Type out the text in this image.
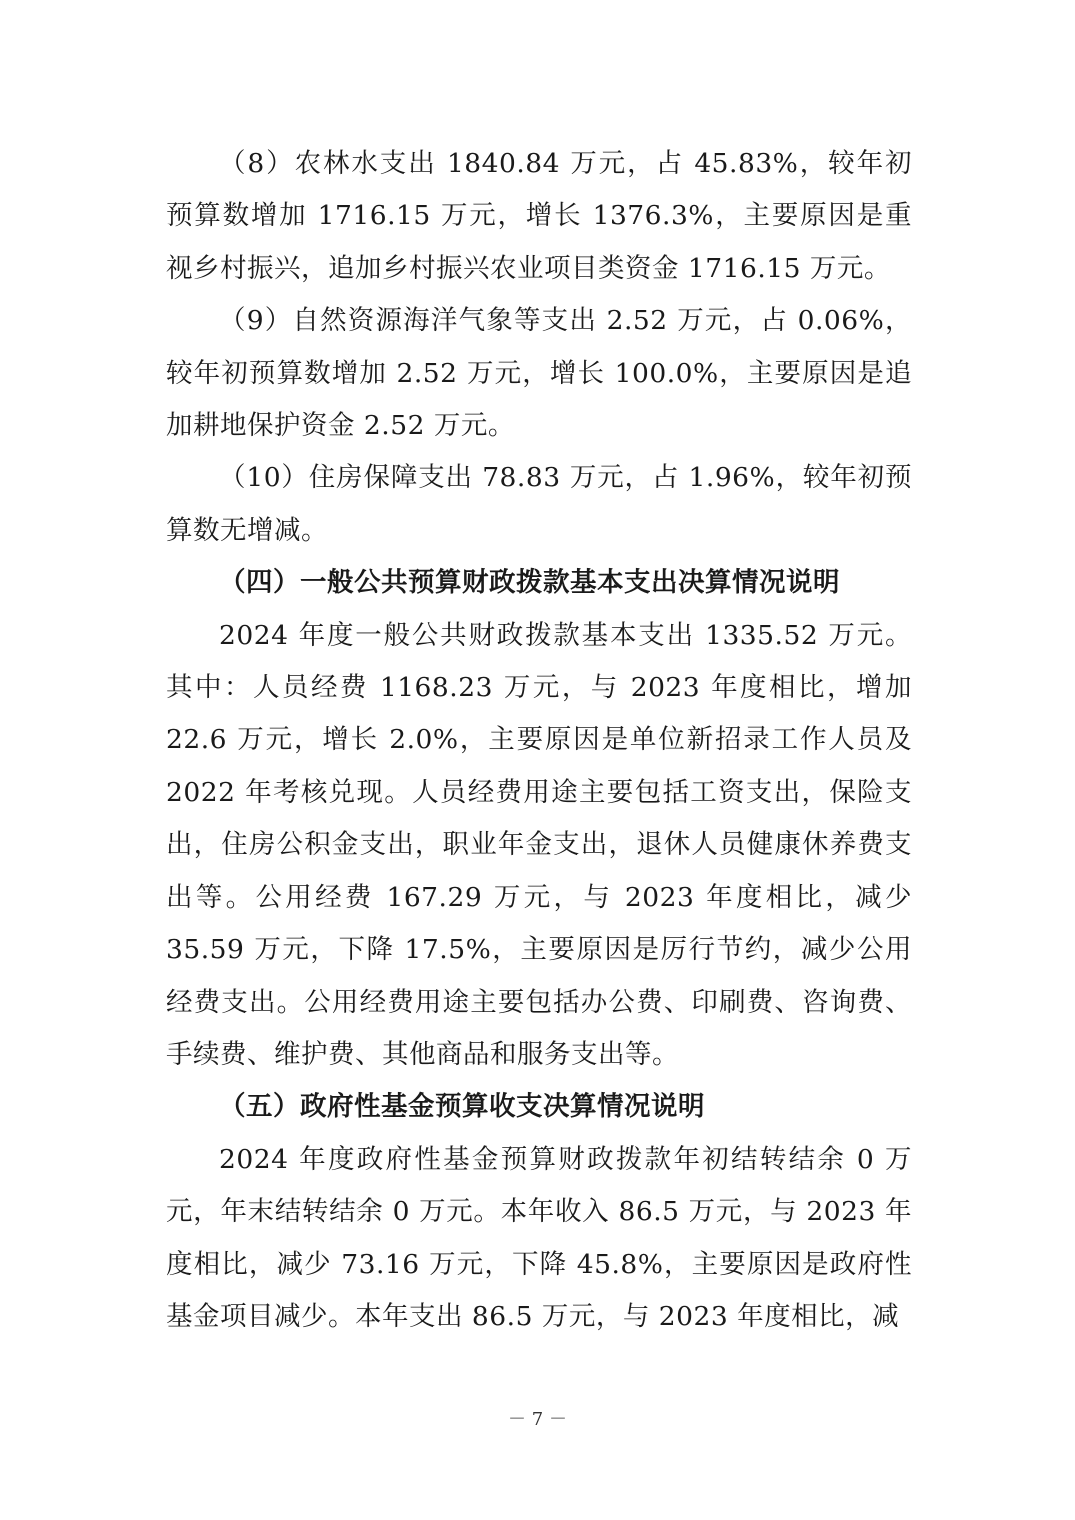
（8）农林水支出 1840.84 万元，占 45.83%，较年初预算数增加 1716.15 万元，增长 1376.3%，主要原因是重视乡村振兴，追加乡村振兴农业项目类资金 1716.15 万元。

（9）自然资源海洋气象等支出 2.52 万元，占 0.06%，较年初预算数增加 2.52 万元，增长 100.0%，主要原因是追加耕地保护资金 2.52 万元。

（10）住房保障支出 78.83 万元，占 1.96%，较年初预算数无增减。

（四）一般公共预算财政拨款基本支出决算情况说明

2024 年度一般公共财政拨款基本支出 1335.52 万元。其中：人员经费 1168.23 万元，与 2023 年度相比，增加 22.6 万元，增长 2.0%，主要原因是单位新招录工作人员及 2022 年考核兑现。人员经费用途主要包括工资支出，保险支出，住房公积金支出，职业年金支出，退休人员健康休养费支出等。公用经费 167.29 万元，与 2023 年度相比，减少 35.59 万元，下降 17.5%，主要原因是厉行节约，减少公用经费支出。公用经费用途主要包括办公费、印刷费、咨询费、手续费、维护费、其他商品和服务支出等。

（五）政府性基金预算收支决算情况说明

2024 年度政府性基金预算财政拨款年初结转结余 0 万元，年末结转结余 0 万元。本年收入 86.5 万元，与 2023 年度相比，减少 73.16 万元，下降 45.8%，主要原因是政府性基金项目减少。本年支出 86.5 万元，与 2023 年度相比，减

－ 7 －
